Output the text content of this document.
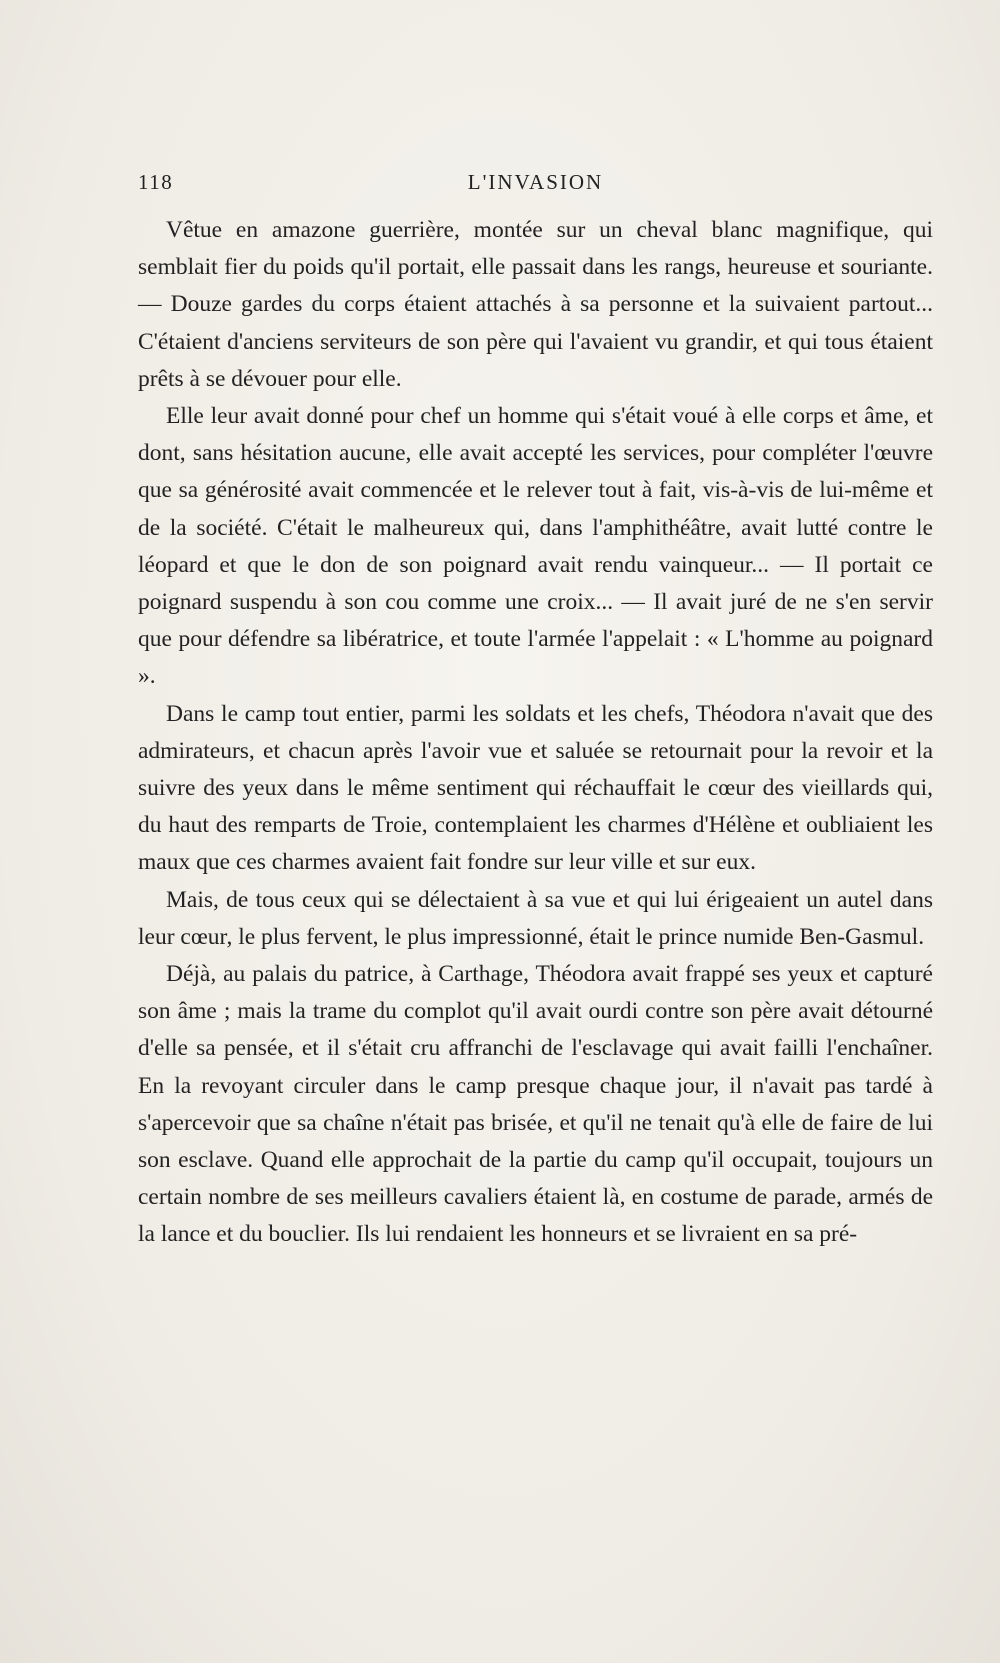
118	L'INVASION

Vêtue en amazone guerrière, montée sur un cheval blanc magnifique, qui semblait fier du poids qu'il portait, elle passait dans les rangs, heureuse et souriante. — Douze gardes du corps étaient attachés à sa personne et la suivaient partout... C'étaient d'anciens serviteurs de son père qui l'avaient vu grandir, et qui tous étaient prêts à se dévouer pour elle.

Elle leur avait donné pour chef un homme qui s'était voué à elle corps et âme, et dont, sans hésitation aucune, elle avait accepté les services, pour compléter l'œuvre que sa générosité avait commencée et le relever tout à fait, vis-à-vis de lui-même et de la société. C'était le malheureux qui, dans l'amphithéâtre, avait lutté contre le léopard et que le don de son poignard avait rendu vainqueur... — Il portait ce poignard suspendu à son cou comme une croix... — Il avait juré de ne s'en servir que pour défendre sa libératrice, et toute l'armée l'appelait : « L'homme au poignard ».

Dans le camp tout entier, parmi les soldats et les chefs, Théodora n'avait que des admirateurs, et chacun après l'avoir vue et saluée se retournait pour la revoir et la suivre des yeux dans le même sentiment qui réchauffait le cœur des vieillards qui, du haut des remparts de Troie, contemplaient les charmes d'Hélène et oubliaient les maux que ces charmes avaient fait fondre sur leur ville et sur eux.

Mais, de tous ceux qui se délectaient à sa vue et qui lui érigeaient un autel dans leur cœur, le plus fervent, le plus impressionné, était le prince numide Ben-Gasmul.

Déjà, au palais du patrice, à Carthage, Théodora avait frappé ses yeux et capturé son âme ; mais la trame du complot qu'il avait ourdi contre son père avait détourné d'elle sa pensée, et il s'était cru affranchi de l'esclavage qui avait failli l'enchaîner. En la revoyant circuler dans le camp presque chaque jour, il n'avait pas tardé à s'apercevoir que sa chaîne n'était pas brisée, et qu'il ne tenait qu'à elle de faire de lui son esclave. Quand elle approchait de la partie du camp qu'il occupait, toujours un certain nombre de ses meilleurs cavaliers étaient là, en costume de parade, armés de la lance et du bouclier. Ils lui rendaient les honneurs et se livraient en sa pré-
